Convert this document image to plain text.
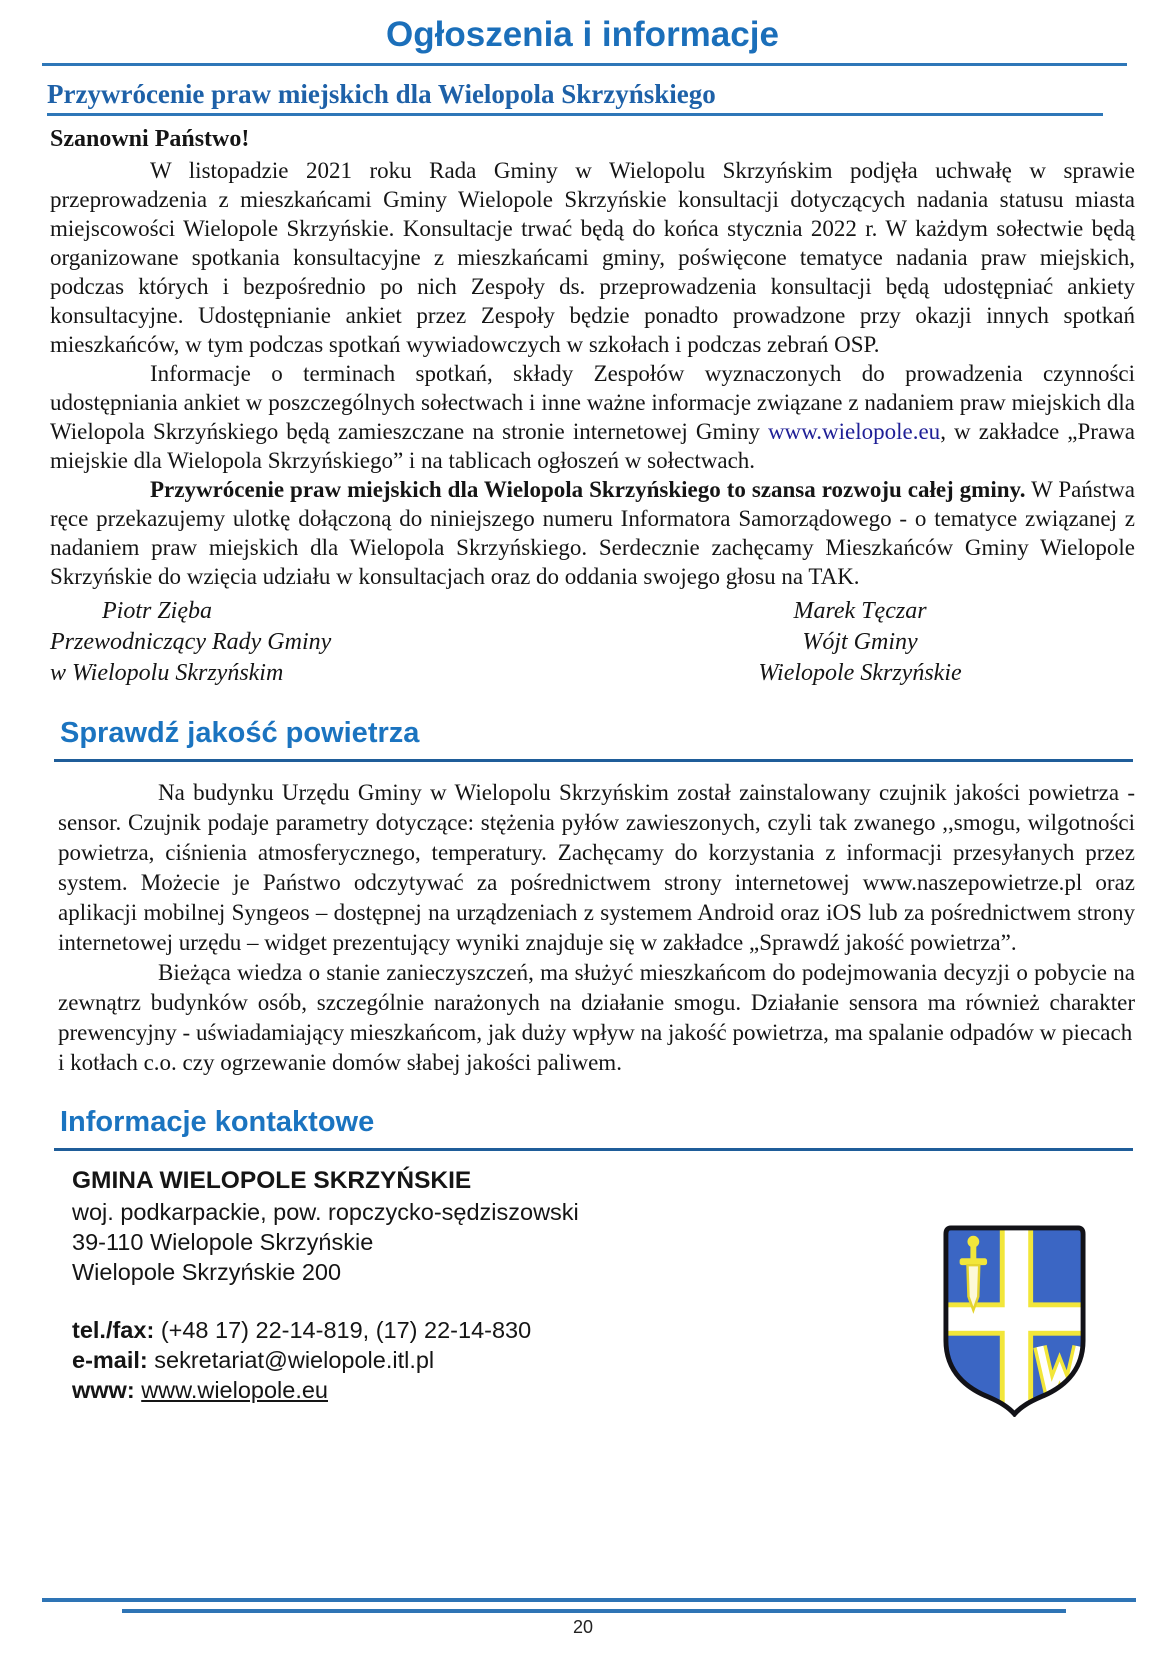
Ogłoszenia i informacje
Przywrócenie praw miejskich dla Wielopola Skrzyńskiego
Szanowni Państwo!

W listopadzie 2021 roku Rada Gminy w Wielopolu Skrzyńskim podjęła uchwałę w sprawie przeprowadzenia z mieszkańcami Gminy Wielopole Skrzyńskie konsultacji dotyczących nadania statusu miasta miejscowości Wielopole Skrzyńskie. Konsultacje trwać będą do końca stycznia 2022 r. W każdym sołectwie będą organizowane spotkania konsultacyjne z mieszkańcami gminy, poświęcone tematyce nadania praw miejskich, podczas których i bezpośrednio po nich Zespoły ds. przeprowadzenia konsultacji będą udostępniać ankiety konsultacyjne. Udostępnianie ankiet przez Zespoły będzie ponadto prowadzone przy okazji innych spotkań mieszkańców, w tym podczas spotkań wywiadowczych w szkołach i podczas zebrań OSP.

Informacje o terminach spotkań, składy Zespołów wyznaczonych do prowadzenia czynności udostępniania ankiet w poszczególnych sołectwach i inne ważne informacje związane z nadaniem praw miejskich dla Wielopola Skrzyńskiego będą zamieszczane na stronie internetowej Gminy www.wielopole.eu, w zakładce „Prawa miejskie dla Wielopola Skrzyńskiego” i na tablicach ogłoszeń w sołectwach.

Przywrócenie praw miejskich dla Wielopola Skrzyńskiego to szansa rozwoju całej gminy. W Państwa ręce przekazujemy ulotkę dołączoną do niniejszego numeru Informatora Samorządowego - o tematyce związanej z nadaniem praw miejskich dla Wielopola Skrzyńskiego. Serdecznie zachęcamy Mieszkańców Gminy Wielopole Skrzyńskie do wzięcia udziału w konsultacjach oraz do oddania swojego głosu na TAK.

Piotr Zięba
Przewodniczący Rady Gminy
w Wielopolu Skrzyńskim
Marek Tęczar
Wójt Gminy
Wielopole Skrzyńskie
Sprawdź jakość powietrza

Na budynku Urzędu Gminy w Wielopolu Skrzyńskim został zainstalowany czujnik jakości powietrza - sensor. Czujnik podaje parametry dotyczące: stężenia pyłów zawieszonych, czyli tak zwanego ,,smogu, wilgotności powietrza, ciśnienia atmosferycznego, temperatury. Zachęcamy do korzystania z informacji przesyłanych przez system. Możecie je Państwo odczytywać za pośrednictwem strony internetowej www.naszepowietrze.pl oraz aplikacji mobilnej Syngeos – dostępnej na urządzeniach z systemem Android oraz iOS lub za pośrednictwem strony internetowej urzędu – widget prezentujący wyniki znajduje się w zakładce „Sprawdź jakość powietrza”.

Bieżąca wiedza o stanie zanieczyszczeń, ma służyć mieszkańcom do podejmowania decyzji o pobycie na zewnątrz budynków osób, szczególnie narażonych na działanie smogu. Działanie sensora ma również charakter prewencyjny - uświadamiający mieszkańcom, jak duży wpływ na jakość powietrza, ma spalanie odpadów w piecach
i kotłach c.o. czy ogrzewanie domów słabej jakości paliwem.

Informacje kontaktowe
GMINA WIELOPOLE SKRZYŃSKIE
woj. podkarpackie, pow. ropczycko-sędziszowski
39-110 Wielopole Skrzyńskie
Wielopole Skrzyńskie 200
tel./fax: (+48 17) 22-14-819, (17) 22-14-830
e-mail: sekretariat@wielopole.itl.pl
www: www.wielopole.eu
20
